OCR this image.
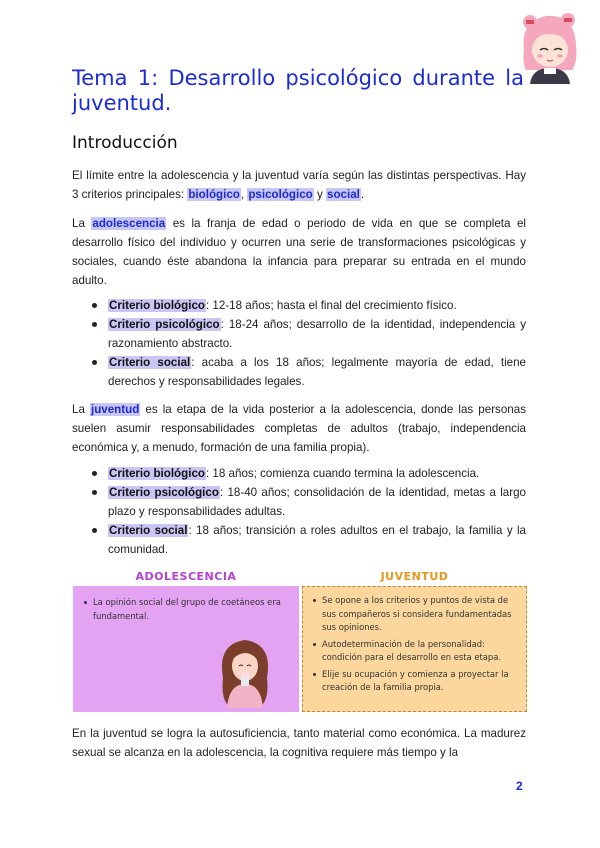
Tema 1: Desarrollo psicológico durante la juventud.
Introducción

El límite entre la adolescencia y la juventud varía según las distintas perspectivas. Hay 3 criterios principales: biológico, psicológico y social.

La adolescencia es la franja de edad o periodo de vida en que se completa el desarrollo físico del individuo y ocurren una serie de transformaciones psicológicas y sociales, cuando éste abandona la infancia para preparar su entrada en el mundo adulto.

Criterio biológico: 12-18 años; hasta el final del crecimiento físico.
Criterio psicológico: 18-24 años; desarrollo de la identidad, independencia y razonamiento abstracto.
Criterio social: acaba a los 18 años; legalmente mayoría de edad, tiene derechos y responsabilidades legales.

La juventud es la etapa de la vida posterior a la adolescencia, donde las personas suelen asumir responsabilidades completas de adultos (trabajo, independencia económica y, a menudo, formación de una familia propia).

Criterio biológico: 18 años; comienza cuando termina la adolescencia.
Criterio psicológico: 18-40 años; consolidación de la identidad, metas a largo plazo y responsabilidades adultas.
Criterio social: 18 años; transición a roles adultos en el trabajo, la familia y la comunidad.
ADOLESCENCIA	JUVENTUD
La opinión social del grupo de coetáneos era fundamental.
Se opone a los criterios y puntos de vista de sus compañeros si considera fundamentadas sus opiniones.
Autodeterminación de la personalidad: condición para el desarrollo en esta etapa.
Elije su ocupación y comienza a proyectar la creación de la familia propia.

En la juventud se logra la autosuficiencia, tanto material como económica. La madurez sexual se alcanza en la adolescencia, la cognitiva requiere más tiempo y la

2
